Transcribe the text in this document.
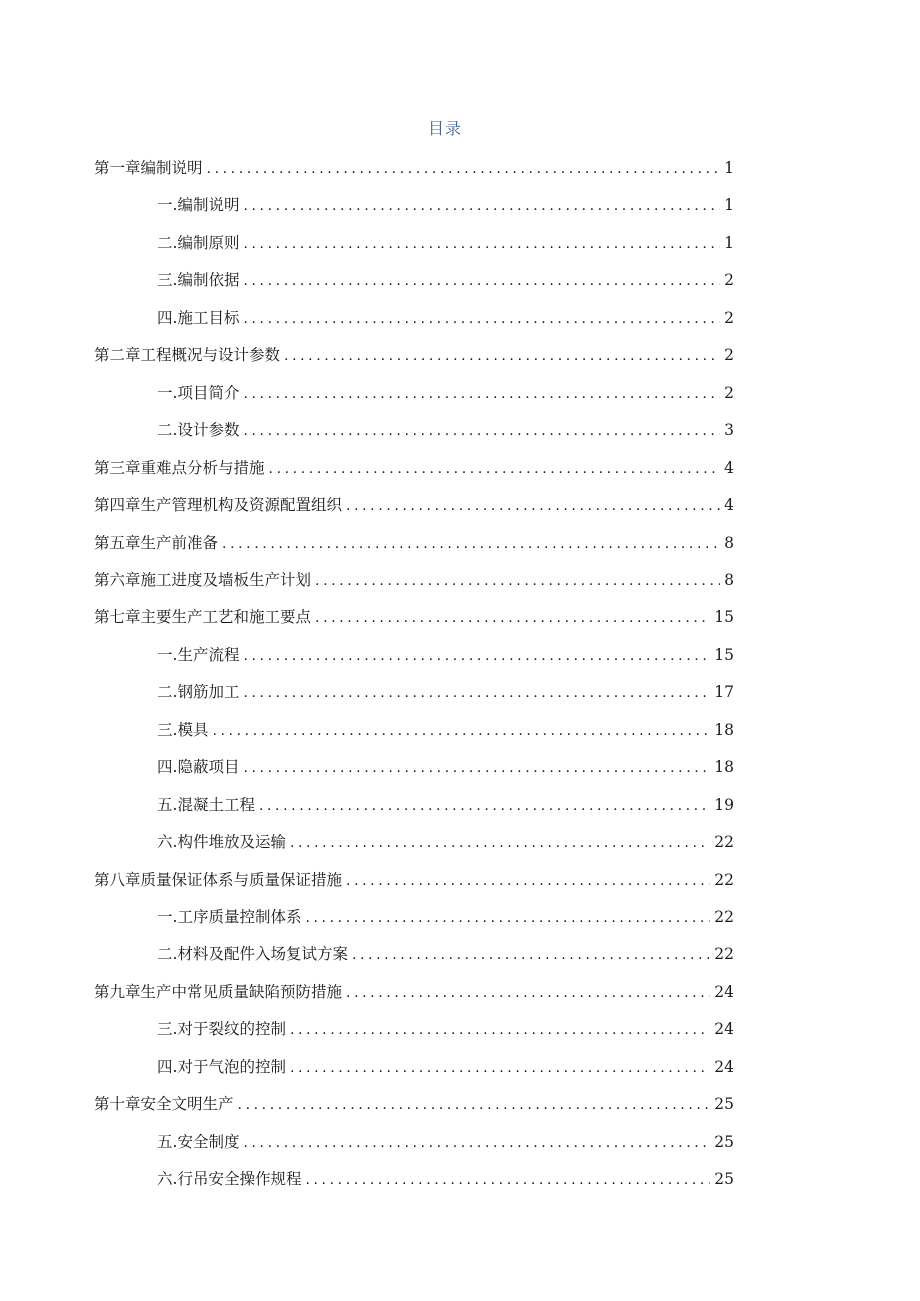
目录
第一章编制说明 .....	1
一 .编制说明 .....	1
二 .编制原则 .....	1
三 .编制依据 .....	2
四 .施工目标 .....	2
第二章工程概况与设计参数 .....	2
一 .项目简介 .....	2
二 .设计参数 .....	3
第三章重难点分析与措施 .....	4
第四章生产管理机构及资源配置组织 .....	4
第五章生产前准备 .....	8
第六章施工进度及墙板生产计划 .....	8
第七章主要生产工艺和施工要点 .....	15
一 .生产流程 .....	15
二 .钢筋加工 .....	17
三 .模具 .....	18
四 .隐蔽项目 .....	18
五 .混凝土工程 .....	19
六 .构件堆放及运输 .....	22
第八章质量保证体系与质量保证措施 .....	22
一 .工序质量控制体系 .....	22
二 .材料及配件入场复试方案 .....	22
第九章生产中常见质量缺陷预防措施 .....	24
三 .对于裂纹的控制 .....	24
四 .对于气泡的控制 .....	24
第十章安全文明生产 .....	25
五 .安全制度 .....	25
六 .行吊安全操作规程 .....	25
